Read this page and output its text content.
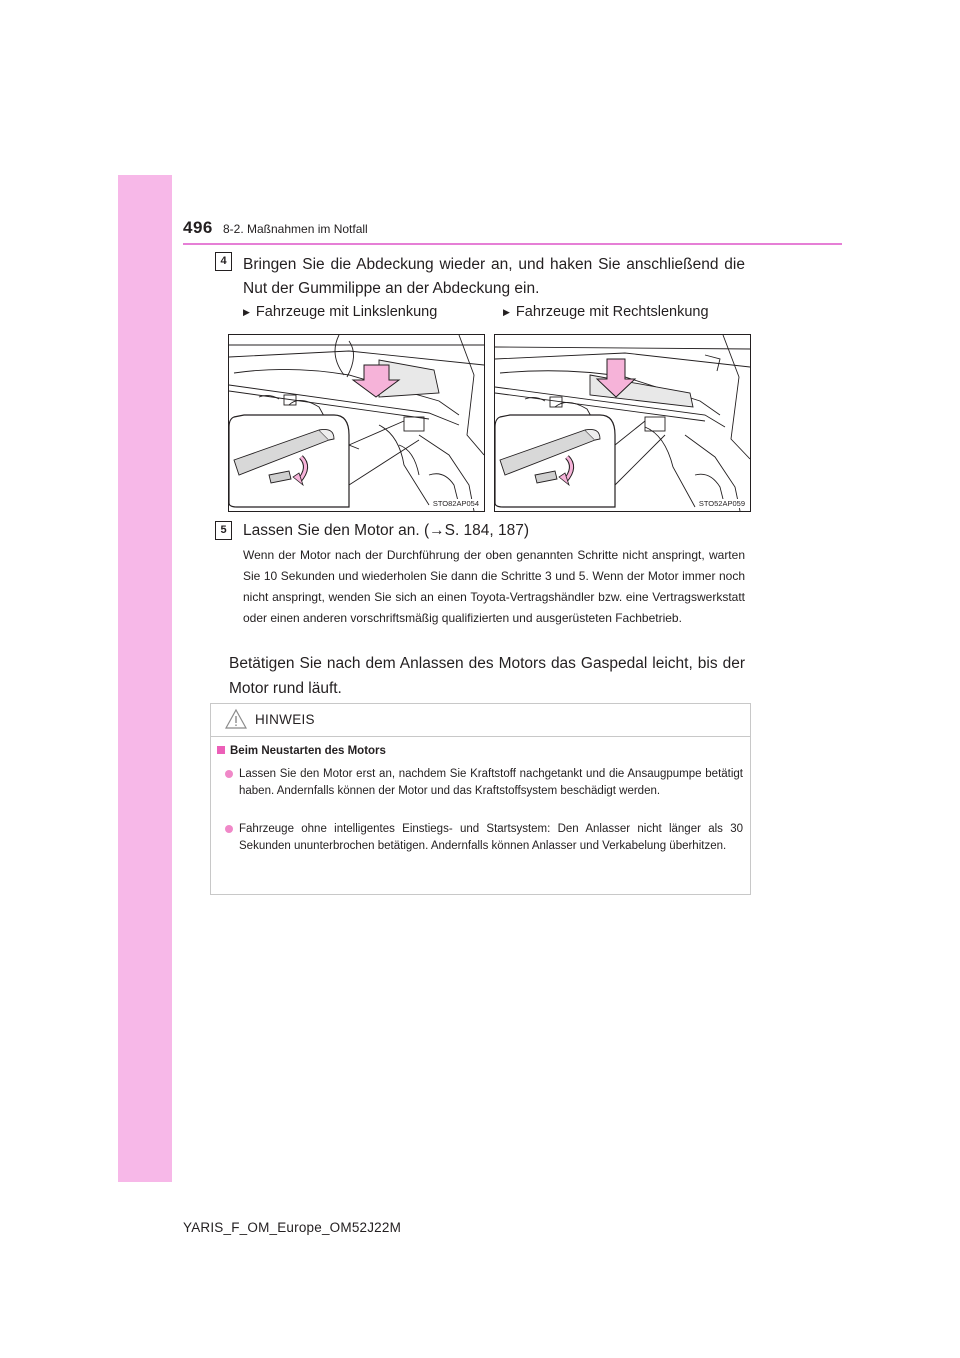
496 8-2. Maßnahmen im Notfall
4	Bringen Sie die Abdeckung wieder an, und haken Sie anschließend die Nut der Gummilippe an der Abdeckung ein.
▶ Fahrzeuge mit Linkslenkung	▶ Fahrzeuge mit Rechtslenkung
STO82AP054	STO52AP059
5	Lassen Sie den Motor an. (→S. 184, 187)
Wenn der Motor nach der Durchführung der oben genannten Schritte nicht anspringt, warten Sie 10 Sekunden und wiederholen Sie dann die Schritte 3 und 5. Wenn der Motor immer noch nicht anspringt, wenden Sie sich an einen Toyota-Vertragshändler bzw. eine Vertragswerkstatt oder einen anderen vorschriftsmäßig qualifizierten und ausgerüsteten Fachbetrieb.
Betätigen Sie nach dem Anlassen des Motors das Gaspedal leicht, bis der Motor rund läuft.
HINWEIS
Beim Neustarten des Motors
Lassen Sie den Motor erst an, nachdem Sie Kraftstoff nachgetankt und die Ansaugpumpe betätigt haben. Andernfalls können der Motor und das Kraftstoffsystem beschädigt werden.
Fahrzeuge ohne intelligentes Einstiegs- und Startsystem: Den Anlasser nicht länger als 30 Sekunden ununterbrochen betätigen. Andernfalls können Anlasser und Verkabelung überhitzen.
YARIS_F_OM_Europe_OM52J22M
